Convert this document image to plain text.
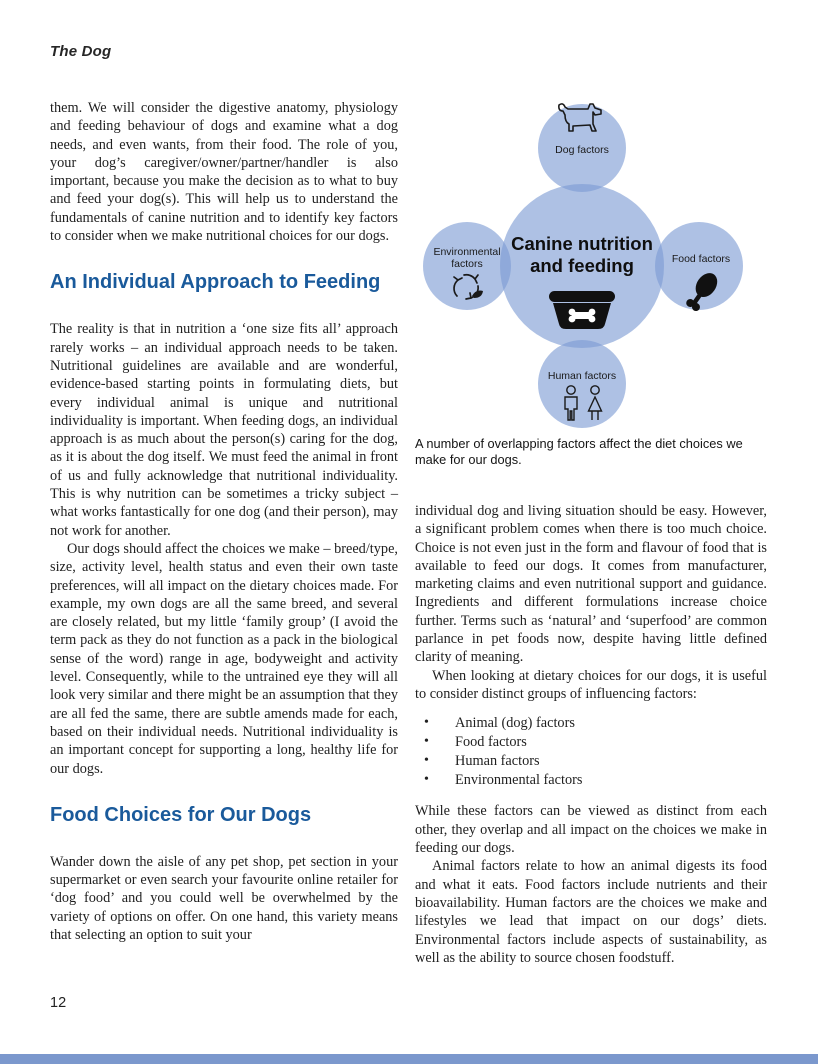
The Dog

them. We will consider the digestive anatomy, physiology and feeding behaviour of dogs and examine what a dog needs, and even wants, from their food. The role of you, your dog’s caregiver/owner/partner/handler is also important, because you make the decision as to what to buy and feed your dog(s). This will help us to understand the fundamentals of canine nutrition and to identify key factors to consider when we make nutritional choices for our dogs.

An Individual Approach to Feeding

The reality is that in nutrition a ‘one size fits all’ approach rarely works – an individual approach needs to be taken. Nutritional guidelines are available and are wonderful, evidence-based starting points in formulating diets, but every individual animal is unique and nutritional individuality is important. When feeding dogs, an individual approach is as much about the person(s) caring for the dog, as it is about the dog itself. We must feed the animal in front of us and fully acknowledge that nutritional individuality. This is why nutrition can be sometimes a tricky subject – what works fantastically for one dog (and their person), may not work for another.

Our dogs should affect the choices we make – breed/type, size, activity level, health status and even their own taste preferences, will all impact on the dietary choices made. For example, my own dogs are all the same breed, and several are closely related, but my little ‘family group’ (I avoid the term pack as they do not function as a pack in the biological sense of the word) range in age, bodyweight and activity level. Consequently, while to the untrained eye they will all look very similar and there might be an assumption that they are all fed the same, there are subtle amends made for each, based on their individual needs. Nutritional individuality is an important concept for supporting a long, healthy life for our dogs.

Food Choices for Our Dogs

Wander down the aisle of any pet shop, pet section in your supermarket or even search your favourite online retailer for ‘dog food’ and you could well be overwhelmed by the variety of options on offer. On one hand, this variety means that selecting an option to suit your

Dog factors
Canine nutrition
and feeding
Environmental
factors	Food factors
Human factors
A number of overlapping factors affect the diet choices we make for our dogs.

individual dog and living situation should be easy. However, a significant problem comes when there is too much choice. Choice is not even just in the form and flavour of food that is available to feed our dogs. It comes from manufacturer, marketing claims and even nutritional support and guidance. Ingredients and different formulations increase choice further. Terms such as ‘natural’ and ‘superfood’ are common parlance in pet foods now, despite having little defined clarity of meaning.

When looking at dietary choices for our dogs, it is useful to consider distinct groups of influencing factors:

• Animal (dog) factors
• Food factors
• Human factors
• Environmental factors

While these factors can be viewed as distinct from each other, they overlap and all impact on the choices we make in feeding our dogs.

Animal factors relate to how an animal digests its food and what it eats. Food factors include nutrients and their bioavailability. Human factors are the choices we make and lifestyles we lead that impact on our dogs’ diets. Environmental factors include aspects of sustainability, as well as the ability to source chosen foodstuff.

12
